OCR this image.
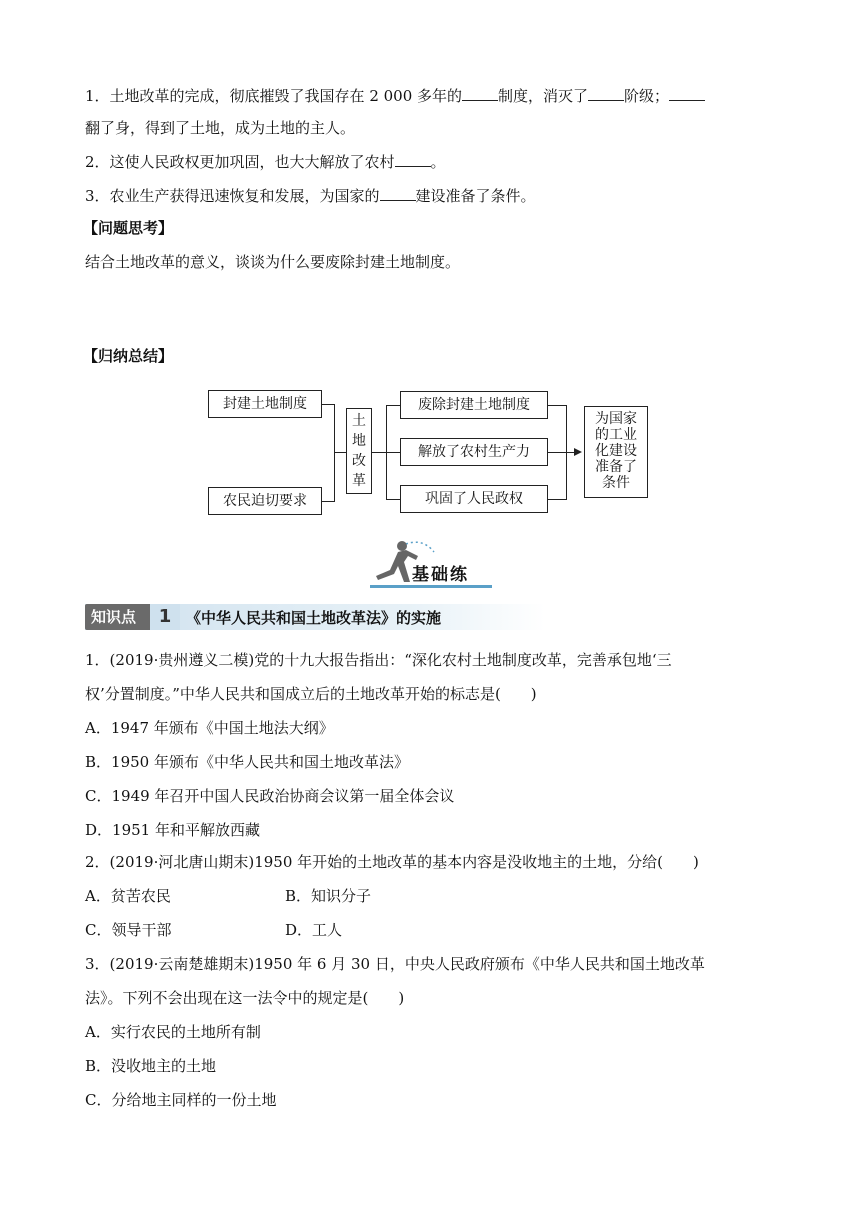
1．土地改革的完成，彻底摧毁了我国存在 2 000 多年的 制度，消灭了 阶级；
翻了身，得到了土地，成为土地的主人。
2．这使人民政权更加巩固，也大大解放了农村 。
3．农业生产获得迅速恢复和发展，为国家的 建设准备了条件。
【问题思考】
结合土地改革的意义，谈谈为什么要废除封建土地制度。
【归纳总结】
封建土地制度
农民迫切要求
土
地
改
革
废除封建土地制度
解放了农村生产力
巩固了人民政权
为国家
的工业
化建设
准备了
条件
基础练
知识点	1 《中华人民共和国土地改革法》的实施
1．(2019·贵州遵义二模)党的十九大报告指出：“深化农村土地制度改革，完善承包地‘三
权’分置制度。”中华人民共和国成立后的土地改革开始的标志是(　　)
A．1947 年颁布《中国土地法大纲》
B．1950 年颁布《中华人民共和国土地改革法》
C．1949 年召开中国人民政治协商会议第一届全体会议
D．1951 年和平解放西藏
2．(2019·河北唐山期末)1950 年开始的土地改革的基本内容是没收地主的土地，分给(　　)
A．贫苦农民	B．知识分子
C．领导干部	D．工人
3．(2019·云南楚雄期末)1950 年 6 月 30 日，中央人民政府颁布《中华人民共和国土地改革
法》。下列不会出现在这一法令中的规定是(　　)
A．实行农民的土地所有制
B．没收地主的土地
C．分给地主同样的一份土地
